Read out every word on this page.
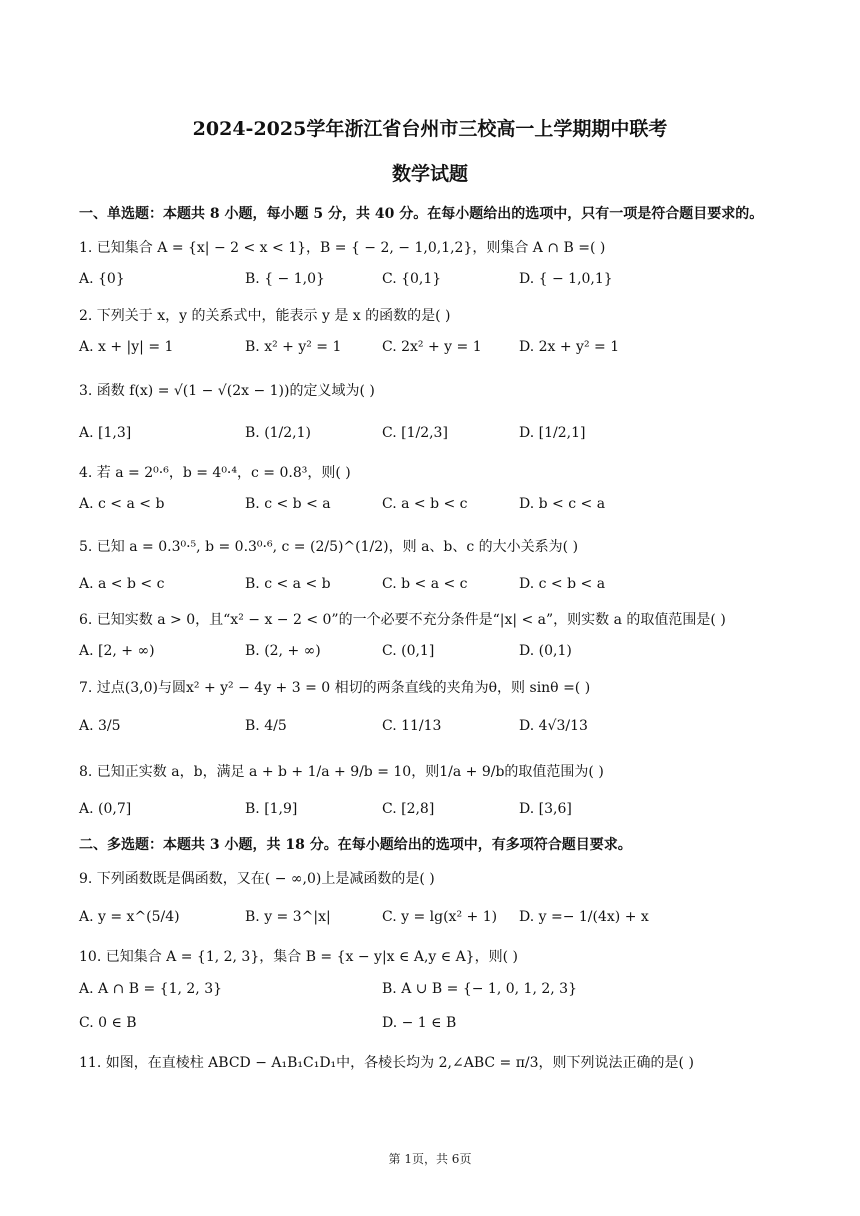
2024-2025学年浙江省台州市三校高一上学期期中联考
数学试题
一、单选题：本题共 8 小题，每小题 5 分，共 40 分。在每小题给出的选项中，只有一项是符合题目要求的。
1. 已知集合 A = {x| − 2 < x < 1}，B = { − 2, − 1,0,1,2}，则集合 A ∩ B =( )
A. {0}	B. { − 1,0}	C. {0,1}	D. { − 1,0,1}
2. 下列关于 x，y 的关系式中，能表示 y 是 x 的函数的是( )
A. x + |y| = 1	B. x² + y² = 1	C. 2x² + y = 1	D. 2x + y² = 1
3. 函数 f(x) = √(1 − √(2x − 1))的定义域为( )
A. [1,3]	B. (1/2,1)	C. [1/2,3]	D. [1/2,1]
4. 若 a = 2⁰·⁶，b = 4⁰·⁴，c = 0.8³，则( )
A. c < a < b	B. c < b < a	C. a < b < c	D. b < c < a
5. 已知 a = 0.3⁰·⁵, b = 0.3⁰·⁶, c = (2/5)^(1/2)，则 a、b、c 的大小关系为( )
A. a < b < c	B. c < a < b	C. b < a < c	D. c < b < a
6. 已知实数 a > 0，且“x² − x − 2 < 0”的一个必要不充分条件是“|x| < a”，则实数 a 的取值范围是( )
A. [2, + ∞)	B. (2, + ∞)	C. (0,1]	D. (0,1)
7. 过点(3,0)与圆x² + y² − 4y + 3 = 0 相切的两条直线的夹角为θ，则 sinθ =( )
A. 3/5	B. 4/5	C. 11/13	D. 4√3/13
8. 已知正实数 a，b，满足 a + b + 1/a + 9/b = 10，则1/a + 9/b的取值范围为( )
A. (0,7]	B. [1,9]	C. [2,8]	D. [3,6]
二、多选题：本题共 3 小题，共 18 分。在每小题给出的选项中，有多项符合题目要求。
9. 下列函数既是偶函数，又在( − ∞,0)上是减函数的是( )
A. y = x^(5/4)	B. y = 3^|x|	C. y = lg(x² + 1) D. y =− 1/(4x) + x
10. 已知集合 A = {1, 2, 3}，集合 B = {x − y|x ∈ A,y ∈ A}，则( )
A. A ∩ B = {1, 2, 3}	B. A ∪ B = {− 1, 0, 1, 2, 3}
C. 0 ∈ B	D. − 1 ∈ B
11. 如图，在直棱柱 ABCD − A₁B₁C₁D₁中，各棱长均为 2,∠ABC = π/3，则下列说法正确的是( )
第 1页，共 6页
